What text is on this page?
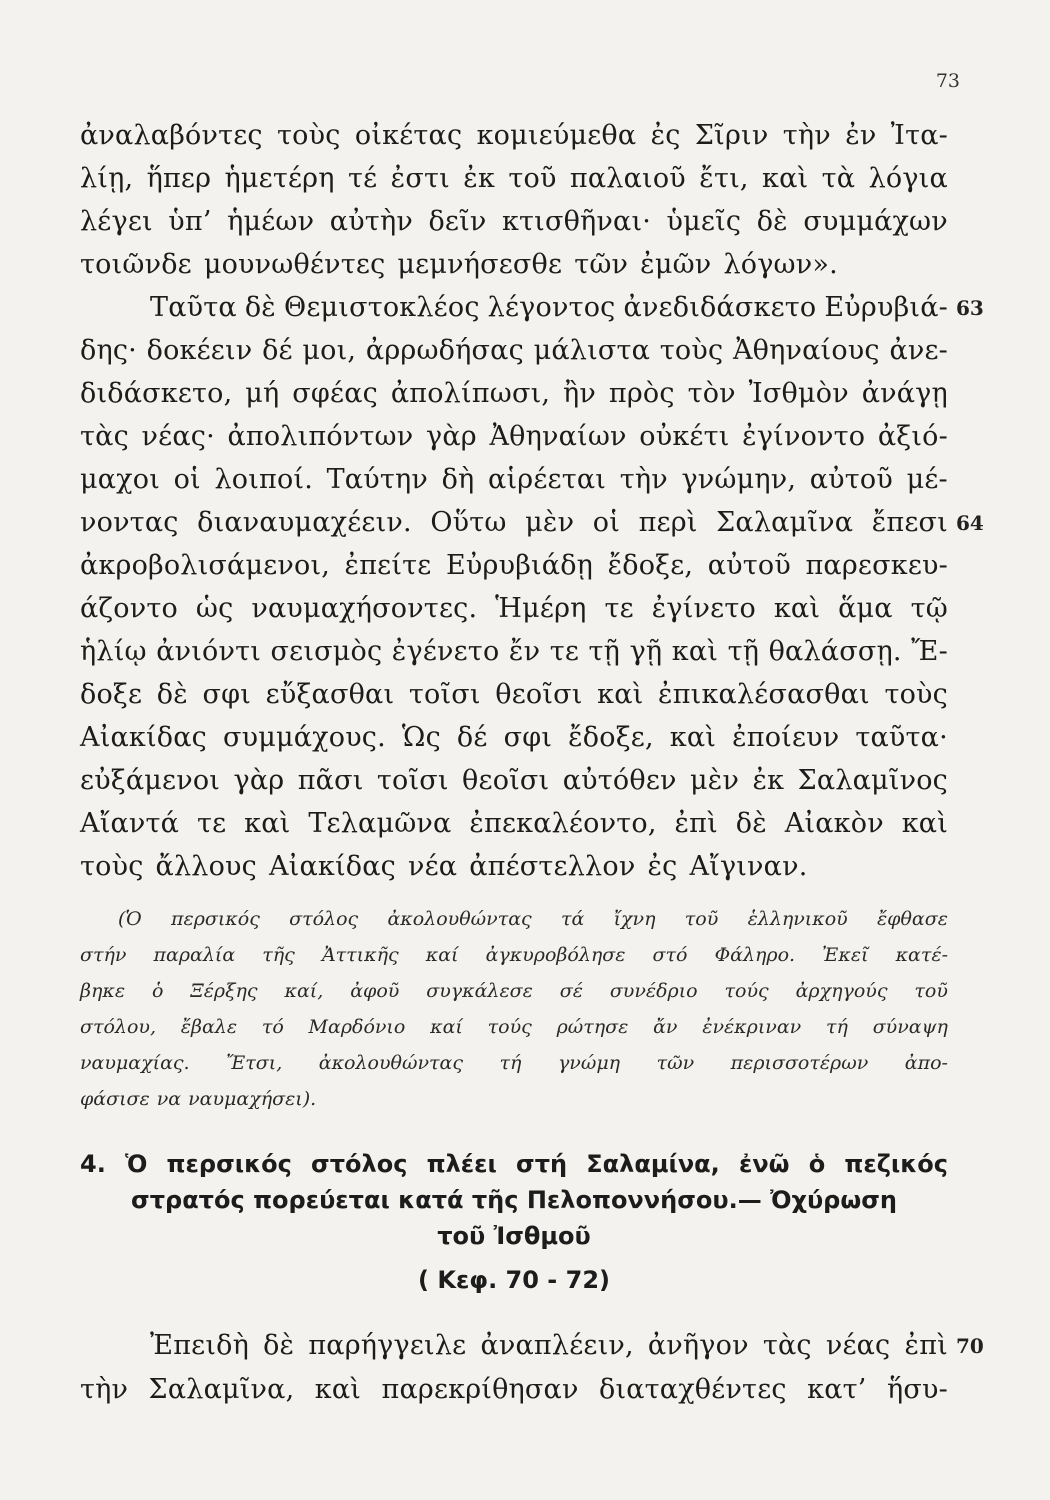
73
ἀναλαβόντες τοὺς οἰκέτας κομιεύμεθα ἐς Σῖριν τὴν ἐν Ἰτα-
λίῃ, ἥπερ ἡμετέρη τέ ἐστι ἐκ τοῦ παλαιοῦ ἔτι, καὶ τὰ λόγια
λέγει ὑπ’ ἡμέων αὐτὴν δεῖν κτισθῆναι· ὑμεῖς δὲ συμμάχων
τοιῶνδε μουνωθέντες μεμνήσεσθε τῶν ἐμῶν λόγων».
Ταῦτα δὲ Θεμιστοκλέος λέγοντος ἀνεδιδάσκετο Εὐρυβιά-
δης· δοκέειν δέ μοι, ἀρρωδήσας μάλιστα τοὺς Ἀθηναίους ἀνε-
διδάσκετο, μή σφέας ἀπολίπωσι, ἢν πρὸς τὸν Ἰσθμὸν ἀνάγῃ
τὰς νέας· ἀπολιπόντων γὰρ Ἀθηναίων οὐκέτι ἐγίνοντο ἀξιό-
μαχοι οἱ λοιποί. Ταύτην δὴ αἱρέεται τὴν γνώμην, αὐτοῦ μέ-
νοντας διαναυμαχέειν. Οὕτω μὲν οἱ περὶ Σαλαμῖνα ἔπεσι
ἀκροβολισάμενοι, ἐπείτε Εὐρυβιάδῃ ἔδοξε, αὐτοῦ παρεσκευ-
άζοντο ὡς ναυμαχήσοντες. Ἡμέρη τε ἐγίνετο καὶ ἅμα τῷ
ἡλίῳ ἀνιόντι σεισμὸς ἐγένετο ἔν τε τῇ γῇ καὶ τῇ θαλάσσῃ. Ἔ-
δοξε δὲ σφι εὔξασθαι τοῖσι θεοῖσι καὶ ἐπικαλέσασθαι τοὺς
Αἰακίδας συμμάχους. Ὡς δέ σφι ἔδοξε, καὶ ἐποίευν ταῦτα·
εὐξάμενοι γὰρ πᾶσι τοῖσι θεοῖσι αὐτόθεν μὲν ἐκ Σαλαμῖνος
Αἴαντά τε καὶ Τελαμῶνα ἐπεκαλέοντο, ἐπὶ δὲ Αἰακὸν καὶ
τοὺς ἄλλους Αἰακίδας νέα ἀπέστελλον ἐς Αἴγιναν.
(Ὁ περσικός στόλος ἀκολουθώντας τά ἴχνη τοῦ ἑλληνικοῦ ἔφθασε
στήν παραλία τῆς Ἀττικῆς καί ἀγκυροβόλησε στό Φάληρο. Ἐκεῖ κατέ-
βηκε ὁ Ξέρξης καί, ἀφοῦ συγκάλεσε σέ συνέδριο τούς ἀρχηγούς τοῦ
στόλου, ἔβαλε τό Μαρδόνιο καί τούς ρώτησε ἄν ἐνέκριναν τή σύναψη
ναυμαχίας. Ἔτσι, ἀκολουθώντας τή γνώμη τῶν περισσοτέρων ἀπο-
φάσισε να ναυμαχήσει).
4. Ὁ περσικός στόλος πλέει στή Σαλαμίνα, ἐνῶ ὁ πεζικός
στρατός πορεύεται κατά τῆς Πελοποννήσου.— Ὀχύρωση
τοῦ Ἰσθμοῦ
( Κεφ. 70 - 72)
Ἐπειδὴ δὲ παρήγγειλε ἀναπλέειν, ἀνῆγον τὰς νέας ἐπὶ
τὴν Σαλαμῖνα, καὶ παρεκρίθησαν διαταχθέντες κατ’ ἥσυ-
63
64
70
